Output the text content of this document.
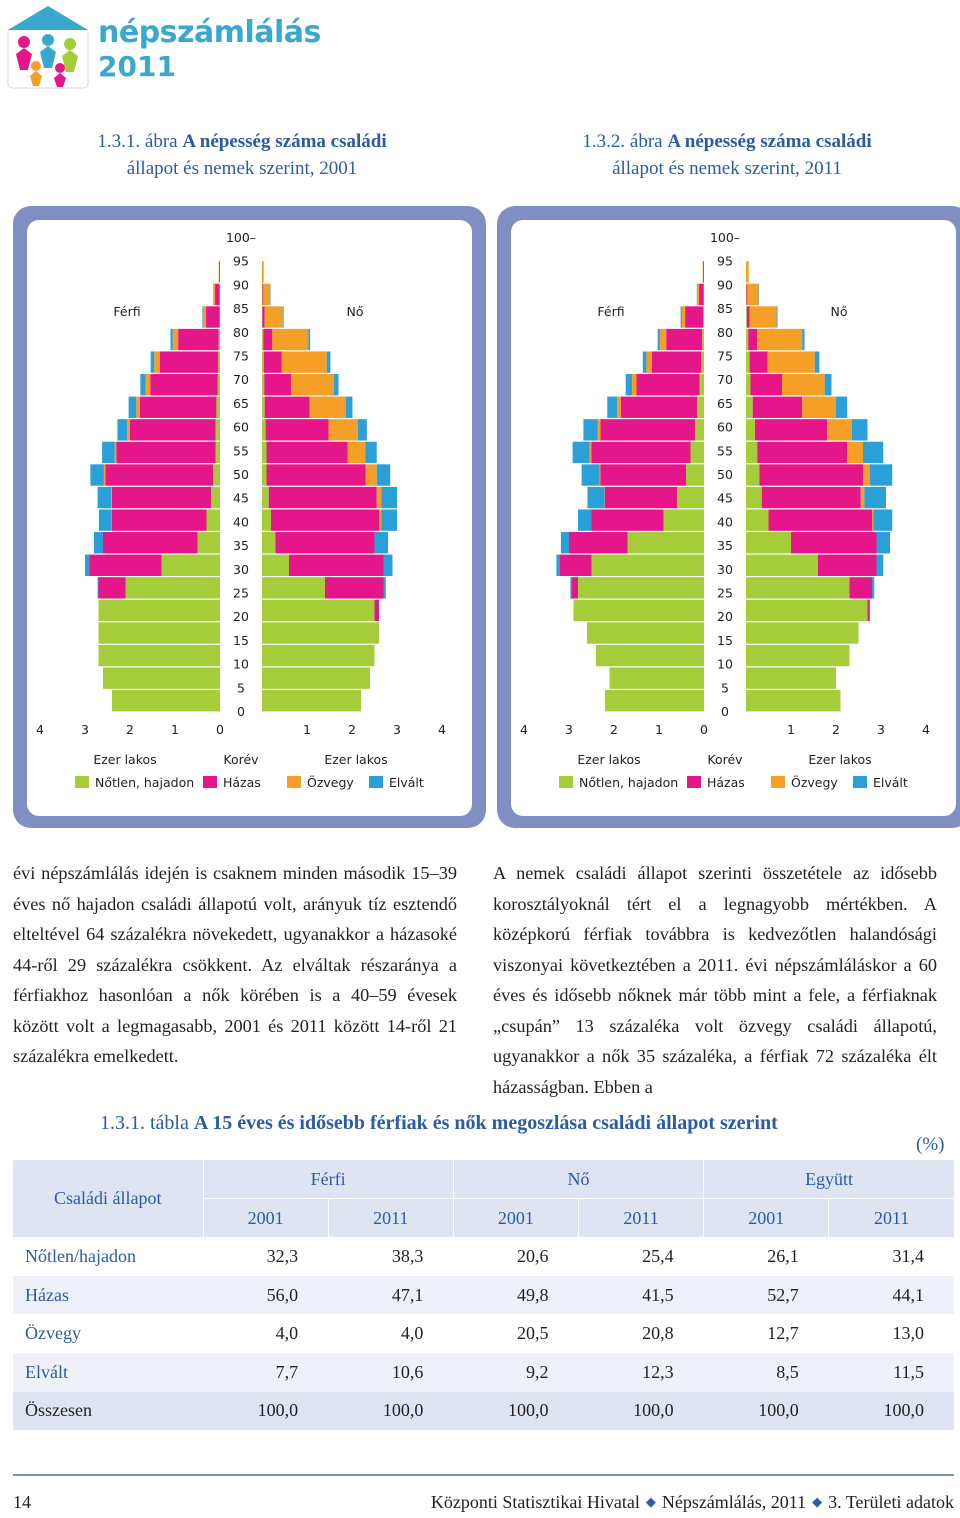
népszámlálás
2011
1.3.1. ábra A népesség száma családi
állapot és nemek szerint, 2001
1.3.2. ábra A népesség száma családi
állapot és nemek szerint, 2011
Férfi	Nő
0
5
10
15
20
25
30
35
40
45
50
55
60
65
70
75
80
85
90
95
100–
4	3	2	1	0	1	2	3	4
Ezer lakos	Korév	Ezer lakos
Nőtlen, hajadon Házas	Özvegy	Elvált
Férfi	Nő
0
5
10
15
20
25
30
35
40
45
50
55
60
65
70
75
80
85
90
95
100–
4	3	2	1	0	1	2	3	4
Ezer lakos	Korév	Ezer lakos
Nőtlen, hajadon Házas	Özvegy	Elvált
évi népszámlálás idején is csaknem minden második 15–39 éves nő hajadon családi állapotú volt, arányuk tíz esztendő elteltével 64 százalékra növekedett, ugyanakkor a házasoké 44-ről 29 százalékra csökkent. Az elváltak részaránya a férfiakhoz hasonlóan a nők körében is a 40–59 évesek között volt a legmagasabb, 2001 és 2011 között 14-ről 21 százalékra emelkedett.
A nemek családi állapot szerinti összetétele az idősebb korosztályoknál tért el a legnagyobb mértékben. A középkorú férfiak továbbra is kedvezőtlen halandósági viszonyai következtében a 2011. évi népszámláláskor a 60 éves és idősebb nőknek már több mint a fele, a férfiaknak „csupán” 13 százaléka volt özvegy családi állapotú, ugyanakkor a nők 35 százaléka, a férfiak 72 százaléka élt házasságban. Ebben a
1.3.1. tábla A 15 éves és idősebb férfiak és nők megoszlása családi állapot szerint
(%)
Családi állapot	Férfi		Nő		Együtt	
	2001	2011	2001	2011	2001	2011
Nőtlen/hajadon	32,3	38,3	20,6	25,4	26,1	31,4
Házas	56,0	47,1	49,8	41,5	52,7	44,1
Özvegy	4,0	4,0	20,5	20,8	12,7	13,0
Elvált	7,7	10,6	9,2	12,3	8,5	11,5
Összesen	100,0	100,0	100,0	100,0	100,0	100,0
14	Központi Statisztikai Hivatal ◆ Népszámlálás, 2011 ◆ 3. Területi adatok
